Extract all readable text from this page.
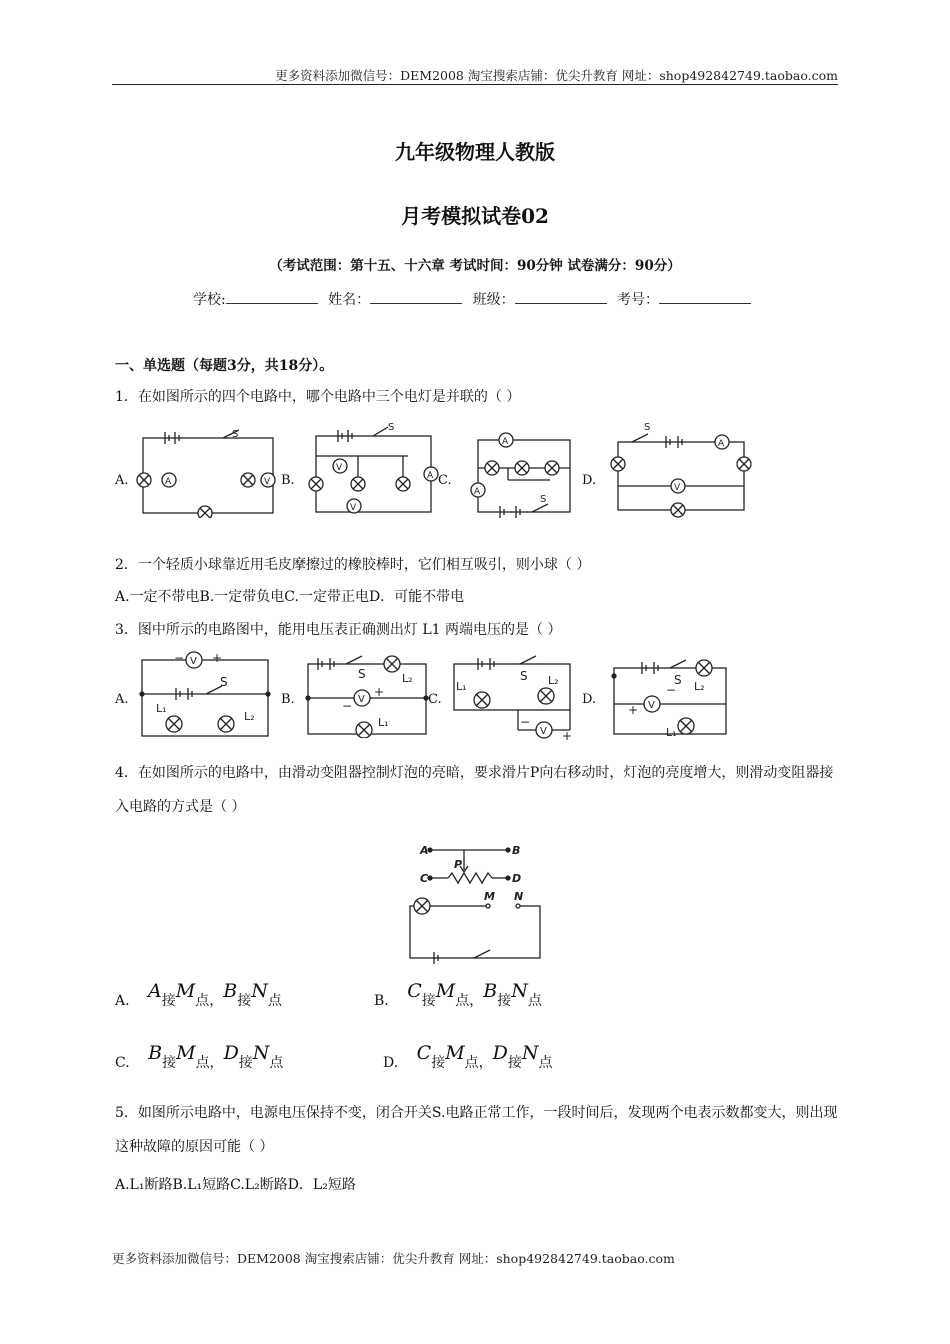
更多资料添加微信号：DEM2008 淘宝搜索店铺：优尖升教育 网址：shop492842749.taobao.com
九年级物理人教版
月考模拟试卷02
（考试范围：第十五、十六章 考试时间：90分钟 试卷满分：90分）
学校:	姓名：	班级：	考号：
一、单选题（每题3分，共18分）。
1．在如图所示的四个电路中，哪个电路中三个电灯是并联的（ ）
A.	B.	C.	D.
A	V
S
V
A
V
S
A
A
S
A
V
S
2．一个轻质小球靠近用毛皮摩擦过的橡胶棒时，它们相互吸引，则小球（ ）
A.一定不带电B.一定带负电C.一定带正电D．可能不带电
3．图中所示的电路图中，能用电压表正确测出灯 L1 两端电压的是（ ）
A.	B.	C.	D.
V
− +
S
L₁
L₂
V
−
+
S	L₂
L₁
V
S
L₁	L₂
−
+
V
+
−
S L₂
L₁
4．在如图所示的电路中，由滑动变阻器控制灯泡的亮暗，要求滑片P向右移动时，灯泡的亮度增大，则滑动变阻器接入电路的方式是（ ）
A	B
P
C	D
M N
A. A接M点，B接N点	B. C接M点，B接N点
C. B接M点，D接N点	D. C接M点，D接N点
5．如图所示电路中，电源电压保持不变，闭合开关S.电路正常工作，一段时间后，发现两个电表示数都变大，则出现这种故障的原因可能（ ）
A.L₁断路B.L₁短路C.L₂断路D．L₂短路
更多资料添加微信号：DEM2008 淘宝搜索店铺：优尖升教育 网址：shop492842749.taobao.com
